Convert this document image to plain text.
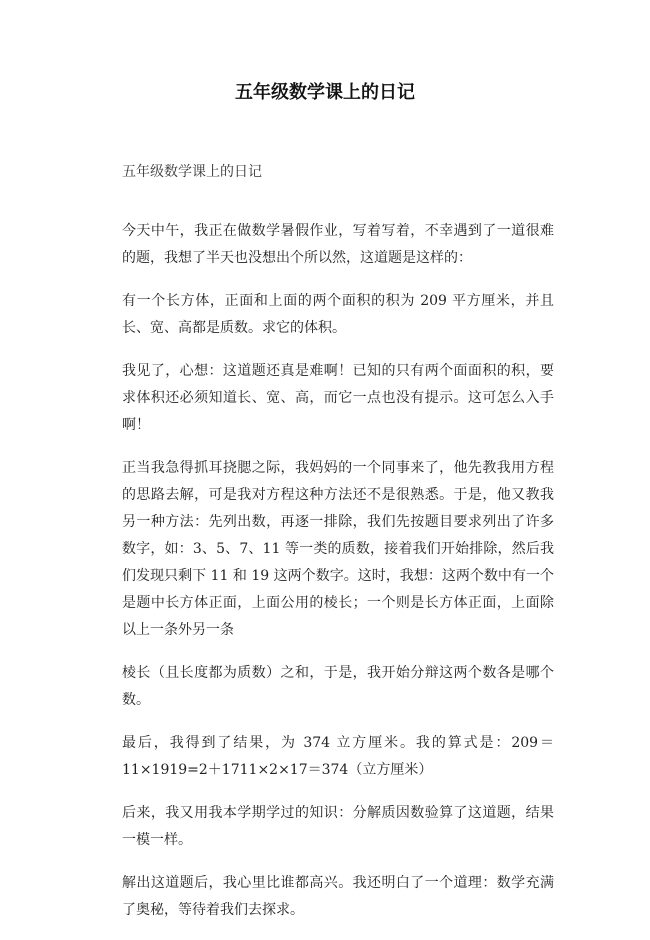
五年级数学课上的日记
五年级数学课上的日记

今天中午，我正在做数学暑假作业，写着写着，不幸遇到了一道很难的题，我想了半天也没想出个所以然，这道题是这样的：

有一个长方体，正面和上面的两个面积的积为 209 平方厘米，并且长、宽、高都是质数。求它的体积。

我见了，心想：这道题还真是难啊！已知的只有两个面面积的积，要求体积还必须知道长、宽、高，而它一点也没有提示。这可怎么入手啊！

正当我急得抓耳挠腮之际，我妈妈的一个同事来了，他先教我用方程的思路去解，可是我对方程这种方法还不是很熟悉。于是，他又教我另一种方法：先列出数，再逐一排除，我们先按题目要求列出了许多数字，如：3、5、7、11 等一类的质数，接着我们开始排除，然后我们发现只剩下 11 和 19 这两个数字。这时，我想：这两个数中有一个是题中长方体正面，上面公用的棱长；一个则是长方体正面，上面除以上一条外另一条

棱长（且长度都为质数）之和，于是，我开始分辩这两个数各是哪个数。

最后，我得到了结果，为 374 立方厘米。我的算式是：209＝11×1919=2＋1711×2×17＝374（立方厘米）

后来，我又用我本学期学过的知识：分解质因数验算了这道题，结果一模一样。

解出这道题后，我心里比谁都高兴。我还明白了一个道理：数学充满了奥秘，等待着我们去探求。
